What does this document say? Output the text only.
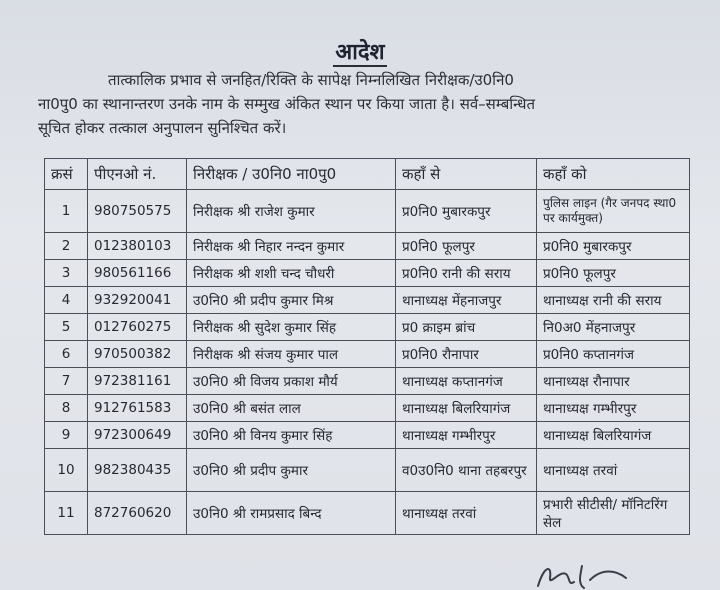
आदेश

तात्कालिक प्रभाव से जनहित/रिक्ति के सापेक्ष निम्नलिखित निरीक्षक/उ0नि0

ना0पु0 का स्थानान्तरण उनके नाम के सम्मुख अंकित स्थान पर किया जाता है। सर्व–सम्बन्धित

सूचित होकर तत्काल अनुपालन सुनिश्चित करें।

क्रसं	पीएनओ नं.	निरीक्षक / उ0नि0 ना0पु0	कहाँ से	कहाँ को
1	980750575	निरीक्षक श्री राजेश कुमार	प्र0नि0 मुबारकपुर	पुलिस लाइन (गैर जनपद स्था0 पर कार्यमुक्त)
2	012380103	निरीक्षक श्री निहार नन्दन कुमार	प्र0नि0 फूलपुर	प्र0नि0 मुबारकपुर
3	980561166	निरीक्षक श्री शशी चन्द चौधरी	प्र0नि0 रानी की सराय	प्र0नि0 फूलपुर
4	932920041	उ0नि0 श्री प्रदीप कुमार मिश्र	थानाध्यक्ष मेंहनाजपुर	थानाध्यक्ष रानी की सराय
5	012760275	निरीक्षक श्री सुदेश कुमार सिंह	प्र0 क्राइम ब्रांच	नि0अ0 मेंहनाजपुर
6	970500382	निरीक्षक श्री संजय कुमार पाल	प्र0नि0 रौनापार	प्र0नि0 कप्तानगंज
7	972381161	उ0नि0 श्री विजय प्रकाश मौर्य	थानाध्यक्ष कप्तानगंज	थानाध्यक्ष रौनापार
8	912761583	उ0नि0 श्री बसंत लाल	थानाध्यक्ष बिलरियागंज	थानाध्यक्ष गम्भीरपुर
9	972300649	उ0नि0 श्री विनय कुमार सिंह	थानाध्यक्ष गम्भीरपुर	थानाध्यक्ष बिलरियागंज
10	982380435	उ0नि0 श्री प्रदीप कुमार	व0उ0नि0 थाना तहबरपुर	थानाध्यक्ष तरवां
11	872760620	उ0नि0 श्री रामप्रसाद बिन्द	थानाध्यक्ष तरवां	प्रभारी सीटीसी/ मॉनिटरिंग सेल
